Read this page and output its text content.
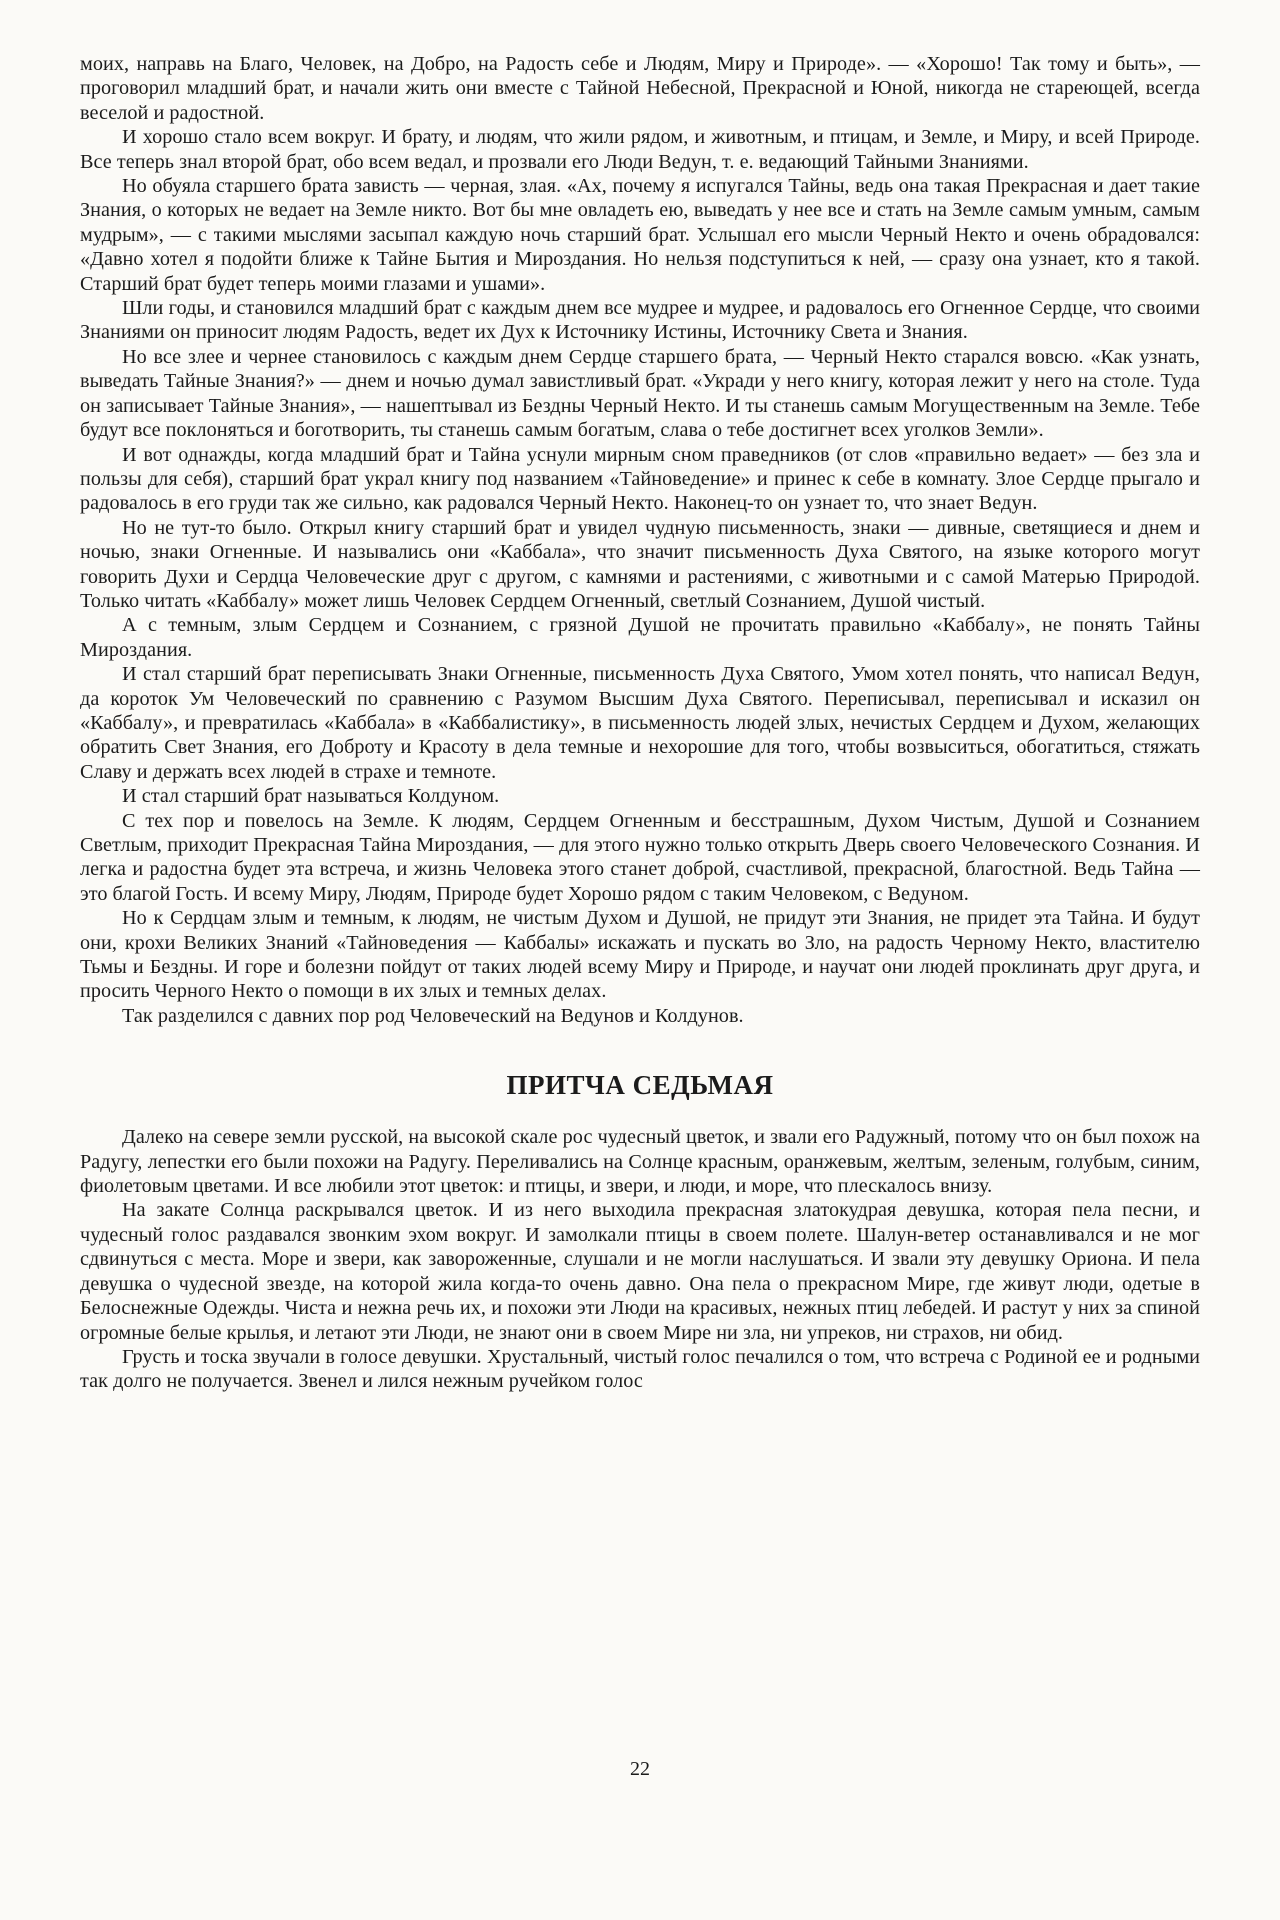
моих, направь на Благо, Человек, на Добро, на Радость себе и Людям, Миру и Природе». — «Хорошо! Так тому и быть», — проговорил младший брат, и начали жить они вместе с Тайной Небесной, Прекрасной и Юной, никогда не стареющей, всегда веселой и радостной.

И хорошо стало всем вокруг. И брату, и людям, что жили рядом, и животным, и птицам, и Земле, и Миру, и всей Природе. Все теперь знал второй брат, обо всем ведал, и прозвали его Люди Ведун, т. е. ведающий Тайными Знаниями.

Но обуяла старшего брата зависть — черная, злая. «Ах, почему я испугался Тайны, ведь она такая Прекрасная и дает такие Знания, о которых не ведает на Земле никто. Вот бы мне овладеть ею, выведать у нее все и стать на Земле самым умным, самым мудрым», — с такими мыслями засыпал каждую ночь старший брат. Услышал его мысли Черный Некто и очень обрадовался: «Давно хотел я подойти ближе к Тайне Бытия и Мироздания. Но нельзя подступиться к ней, — сразу она узнает, кто я такой. Старший брат будет теперь моими глазами и ушами».

Шли годы, и становился младший брат с каждым днем все мудрее и мудрее, и радовалось его Огненное Сердце, что своими Знаниями он приносит людям Радость, ведет их Дух к Источнику Истины, Источнику Света и Знания.

Но все злее и чернее становилось с каждым днем Сердце старшего брата, — Черный Некто старался вовсю. «Как узнать, выведать Тайные Знания?» — днем и ночью думал завистливый брат. «Укради у него книгу, которая лежит у него на столе. Туда он записывает Тайные Знания», — нашептывал из Бездны Черный Некто. И ты станешь самым Могущественным на Земле. Тебе будут все поклоняться и боготворить, ты станешь самым богатым, слава о тебе достигнет всех уголков Земли».

И вот однажды, когда младший брат и Тайна уснули мирным сном праведников (от слов «правильно ведает» — без зла и пользы для себя), старший брат украл книгу под названием «Тайноведение» и принес к себе в комнату. Злое Сердце прыгало и радовалось в его груди так же сильно, как радовался Черный Некто. Наконец-то он узнает то, что знает Ведун.

Но не тут-то было. Открыл книгу старший брат и увидел чудную письменность, знаки — дивные, светящиеся и днем и ночью, знаки Огненные. И назывались они «Каббала», что значит письменность Духа Святого, на языке которого могут говорить Духи и Сердца Человеческие друг с другом, с камнями и растениями, с животными и с самой Матерью Природой. Только читать «Каббалу» может лишь Человек Сердцем Огненный, светлый Сознанием, Душой чистый.

А с темным, злым Сердцем и Сознанием, с грязной Душой не прочитать правильно «Каббалу», не понять Тайны Мироздания.

И стал старший брат переписывать Знаки Огненные, письменность Духа Святого, Умом хотел понять, что написал Ведун, да короток Ум Человеческий по сравнению с Разумом Высшим Духа Святого. Переписывал, переписывал и исказил он «Каббалу», и превратилась «Каббала» в «Каббалистику», в письменность людей злых, нечистых Сердцем и Духом, желающих обратить Свет Знания, его Доброту и Красоту в дела темные и нехорошие для того, чтобы возвыситься, обогатиться, стяжать Славу и держать всех людей в страхе и темноте.

И стал старший брат называться Колдуном.

С тех пор и повелось на Земле. К людям, Сердцем Огненным и бесстрашным, Духом Чистым, Душой и Сознанием Светлым, приходит Прекрасная Тайна Мироздания, — для этого нужно только открыть Дверь своего Человеческого Сознания. И легка и радостна будет эта встреча, и жизнь Человека этого станет доброй, счастливой, прекрасной, благостной. Ведь Тайна — это благой Гость. И всему Миру, Людям, Природе будет Хорошо рядом с таким Человеком, с Ведуном.

Но к Сердцам злым и темным, к людям, не чистым Духом и Душой, не придут эти Знания, не придет эта Тайна. И будут они, крохи Великих Знаний «Тайноведения — Каббалы» искажать и пускать во Зло, на радость Черному Некто, властителю Тьмы и Бездны. И горе и болезни пойдут от таких людей всему Миру и Природе, и научат они людей проклинать друг друга, и просить Черного Некто о помощи в их злых и темных делах.

Так разделился с давних пор род Человеческий на Ведунов и Колдунов.

ПРИТЧА СЕДЬМАЯ

Далеко на севере земли русской, на высокой скале рос чудесный цветок, и звали его Радужный, потому что он был похож на Радугу, лепестки его были похожи на Радугу. Переливались на Солнце красным, оранжевым, желтым, зеленым, голубым, синим, фиолетовым цветами. И все любили этот цветок: и птицы, и звери, и люди, и море, что плескалось внизу.

На закате Солнца раскрывался цветок. И из него выходила прекрасная златокудрая девушка, которая пела песни, и чудесный голос раздавался звонким эхом вокруг. И замолкали птицы в своем полете. Шалун-ветер останавливался и не мог сдвинуться с места. Море и звери, как завороженные, слушали и не могли наслушаться. И звали эту девушку Ориона. И пела девушка о чудесной звезде, на которой жила когда-то очень давно. Она пела о прекрасном Мире, где живут люди, одетые в Белоснежные Одежды. Чиста и нежна речь их, и похожи эти Люди на красивых, нежных птиц лебедей. И растут у них за спиной огромные белые крылья, и летают эти Люди, не знают они в своем Мире ни зла, ни упреков, ни страхов, ни обид.

Грусть и тоска звучали в голосе девушки. Хрустальный, чистый голос печалился о том, что встреча с Родиной ее и родными так долго не получается. Звенел и лился нежным ручейком голос

22
